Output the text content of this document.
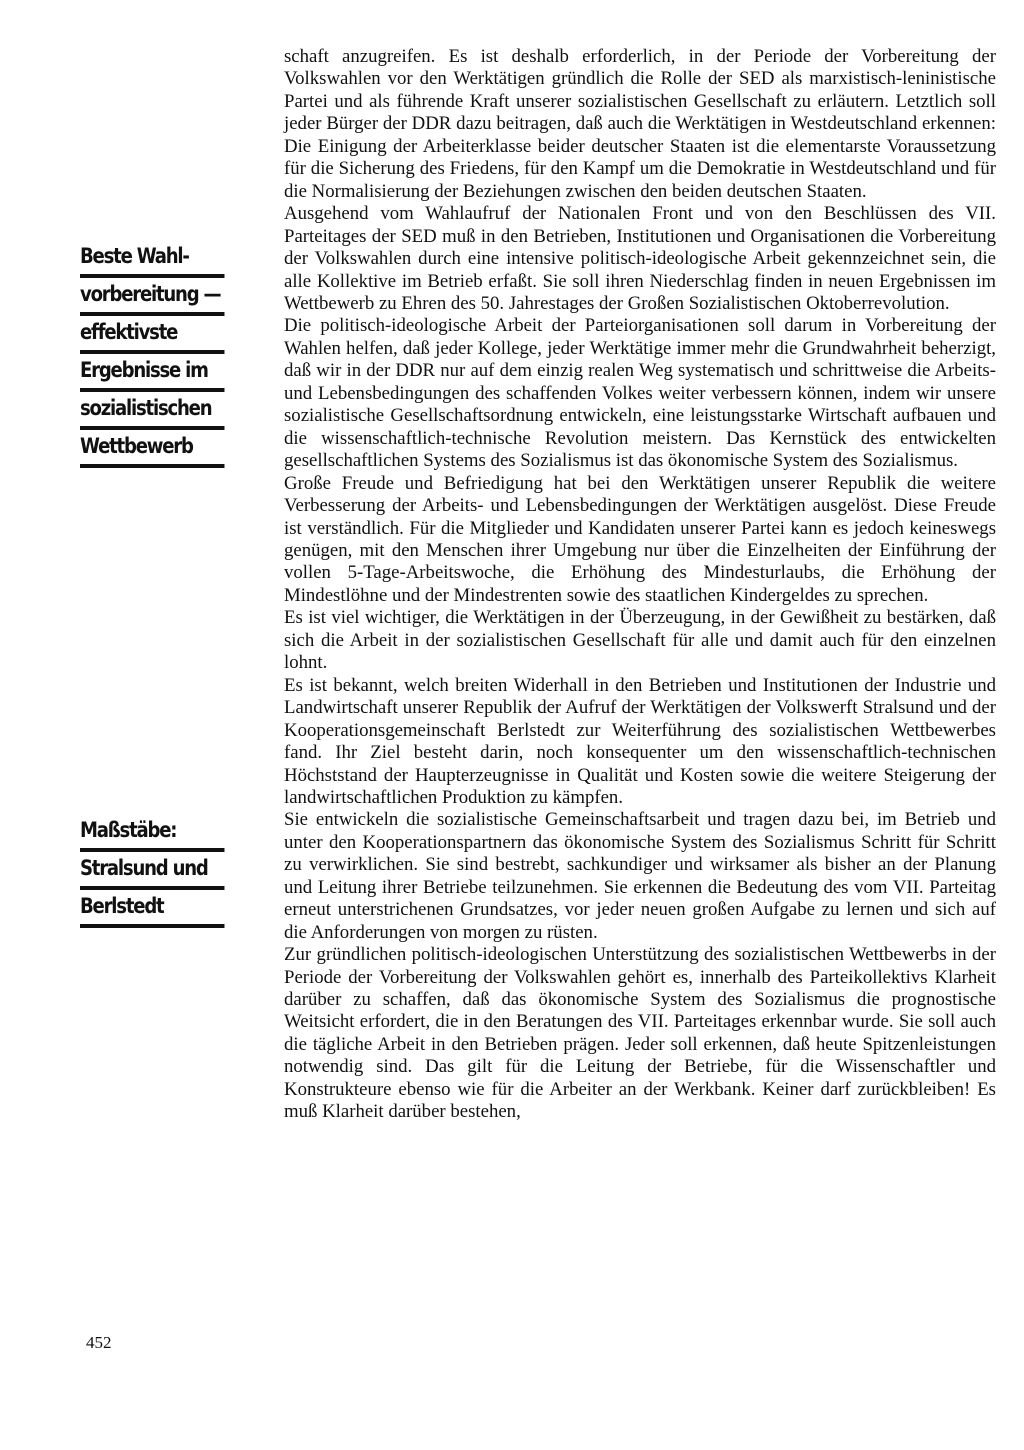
Beste Wahl-
vorbereitung —
effektivste
Ergebnisse im
sozialistischen
Wettbewerb
Maßstäbe:
Stralsund und
Berlstedt

schaft anzugreifen. Es ist deshalb erforderlich, in der Periode der Vorbereitung der Volkswahlen vor den Werktätigen gründlich die Rolle der SED als marxistisch-leninistische Partei und als führende Kraft unserer sozialistischen Gesellschaft zu erläutern. Letztlich soll jeder Bürger der DDR dazu beitragen, daß auch die Werktätigen in Westdeutschland erkennen: Die Einigung der Arbeiterklasse beider deutscher Staaten ist die elementarste Voraussetzung für die Sicherung des Friedens, für den Kampf um die Demokratie in Westdeutschland und für die Normalisierung der Beziehungen zwischen den beiden deutschen Staaten.

Ausgehend vom Wahlaufruf der Nationalen Front und von den Beschlüssen des VII. Parteitages der SED muß in den Betrieben, Institutionen und Organisationen die Vorbereitung der Volkswahlen durch eine intensive politisch-ideologische Arbeit gekennzeichnet sein, die alle Kollektive im Betrieb erfaßt. Sie soll ihren Niederschlag finden in neuen Ergebnissen im Wettbewerb zu Ehren des 50. Jahrestages der Großen Sozialistischen Oktoberrevolution.

Die politisch-ideologische Arbeit der Parteiorganisationen soll darum in Vorbereitung der Wahlen helfen, daß jeder Kollege, jeder Werktätige immer mehr die Grundwahrheit beherzigt, daß wir in der DDR nur auf dem einzig realen Weg systematisch und schrittweise die Arbeits- und Lebensbedingungen des schaffenden Volkes weiter verbessern können, indem wir unsere sozialistische Gesellschaftsordnung entwickeln, eine leistungsstarke Wirtschaft aufbauen und die wissenschaftlich-technische Revolution meistern. Das Kernstück des entwickelten gesellschaftlichen Systems des Sozialismus ist das ökonomische System des Sozialismus.

Große Freude und Befriedigung hat bei den Werktätigen unserer Republik die weitere Verbesserung der Arbeits- und Lebensbedingungen der Werktätigen ausgelöst. Diese Freude ist verständlich. Für die Mitglieder und Kandidaten unserer Partei kann es jedoch keineswegs genügen, mit den Menschen ihrer Umgebung nur über die Einzelheiten der Einführung der vollen 5-Tage-Arbeitswoche, die Erhöhung des Mindesturlaubs, die Erhöhung der Mindestlöhne und der Mindestrenten sowie des staatlichen Kindergeldes zu sprechen.

Es ist viel wichtiger, die Werktätigen in der Überzeugung, in der Gewißheit zu bestärken, daß sich die Arbeit in der sozialistischen Gesellschaft für alle und damit auch für den einzelnen lohnt.

Es ist bekannt, welch breiten Widerhall in den Betrieben und Institutionen der Industrie und Landwirtschaft unserer Republik der Aufruf der Werktätigen der Volkswerft Stralsund und der Kooperationsgemeinschaft Berlstedt zur Weiterführung des sozialistischen Wettbewerbes fand. Ihr Ziel besteht darin, noch konsequenter um den wissenschaftlich-technischen Höchststand der Haupterzeugnisse in Qualität und Kosten sowie die weitere Steigerung der landwirtschaftlichen Produktion zu kämpfen.

Sie entwickeln die sozialistische Gemeinschaftsarbeit und tragen dazu bei, im Betrieb und unter den Kooperationspartnern das ökonomische System des Sozialismus Schritt für Schritt zu verwirklichen. Sie sind bestrebt, sachkundiger und wirksamer als bisher an der Planung und Leitung ihrer Betriebe teilzunehmen. Sie erkennen die Bedeutung des vom VII. Parteitag erneut unterstrichenen Grundsatzes, vor jeder neuen großen Aufgabe zu lernen und sich auf die Anforderungen von morgen zu rüsten.

Zur gründlichen politisch-ideologischen Unterstützung des sozialistischen Wettbewerbs in der Periode der Vorbereitung der Volkswahlen gehört es, innerhalb des Parteikollektivs Klarheit darüber zu schaffen, daß das ökonomische System des Sozialismus die prognostische Weitsicht erfordert, die in den Beratungen des VII. Parteitages erkennbar wurde. Sie soll auch die tägliche Arbeit in den Betrieben prägen. Jeder soll erkennen, daß heute Spitzenleistungen notwendig sind. Das gilt für die Leitung der Betriebe, für die Wissenschaftler und Konstrukteure ebenso wie für die Arbeiter an der Werkbank. Keiner darf zurückbleiben! Es muß Klarheit darüber bestehen,

452
